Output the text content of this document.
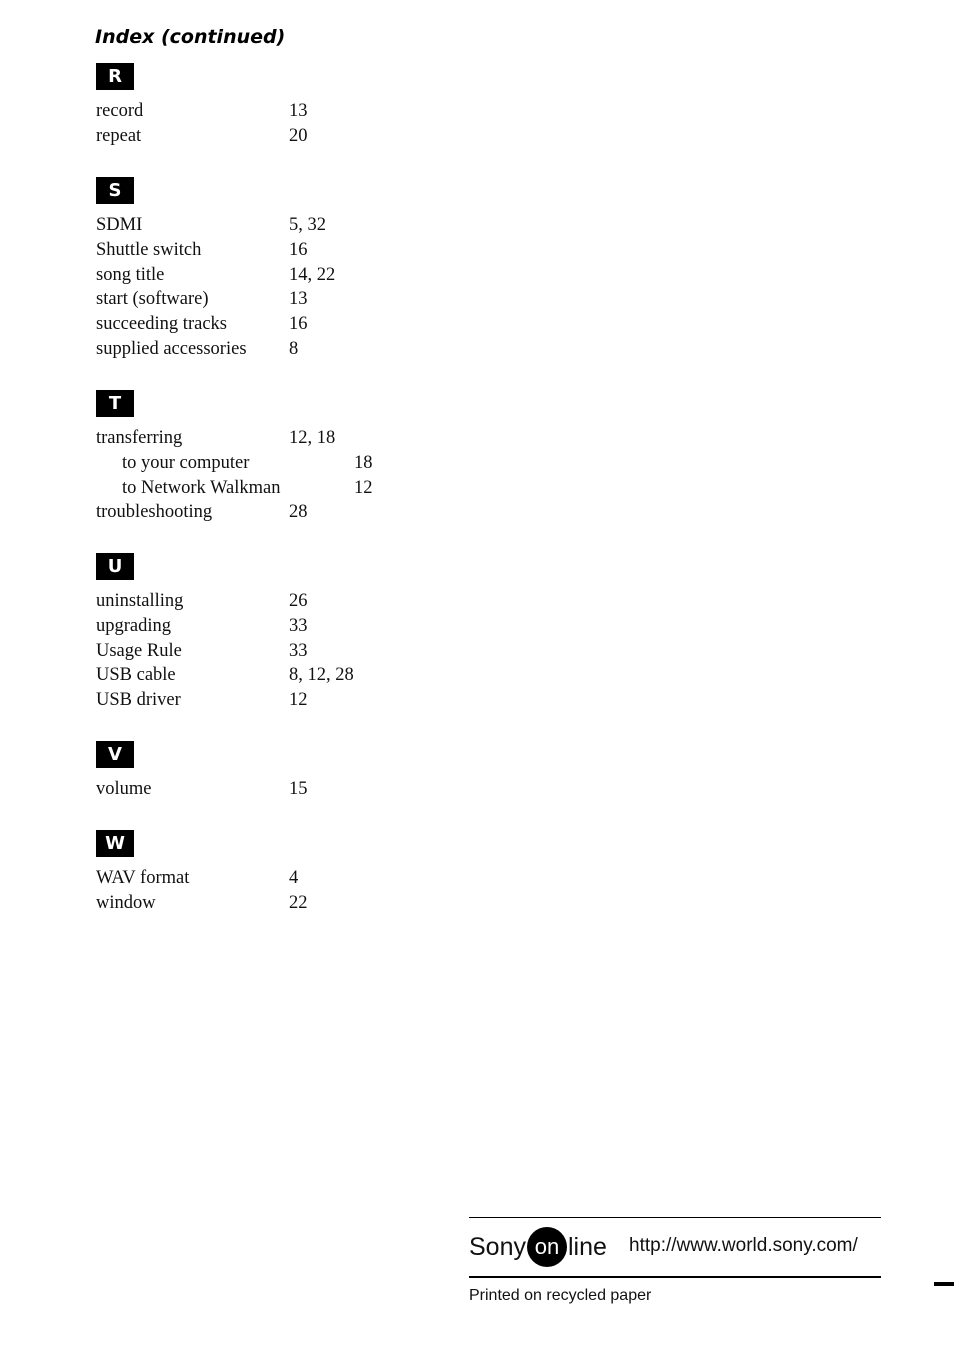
Index (continued)
R
record	13
repeat	20
S
SDMI	5, 32
Shuttle switch	16
song title	14, 22
start (software)	13
succeeding tracks	16
supplied accessories 8
T
transferring	12, 18
to your computer	18
to Network Walkman	12
troubleshooting	28
U
uninstalling	26
upgrading	33
Usage Rule	33
USB cable	8, 12, 28
USB driver	12
V
volume	15
W
WAV format	4
window	22
Sony on line http://www.world.sony.com/
Printed on recycled paper
